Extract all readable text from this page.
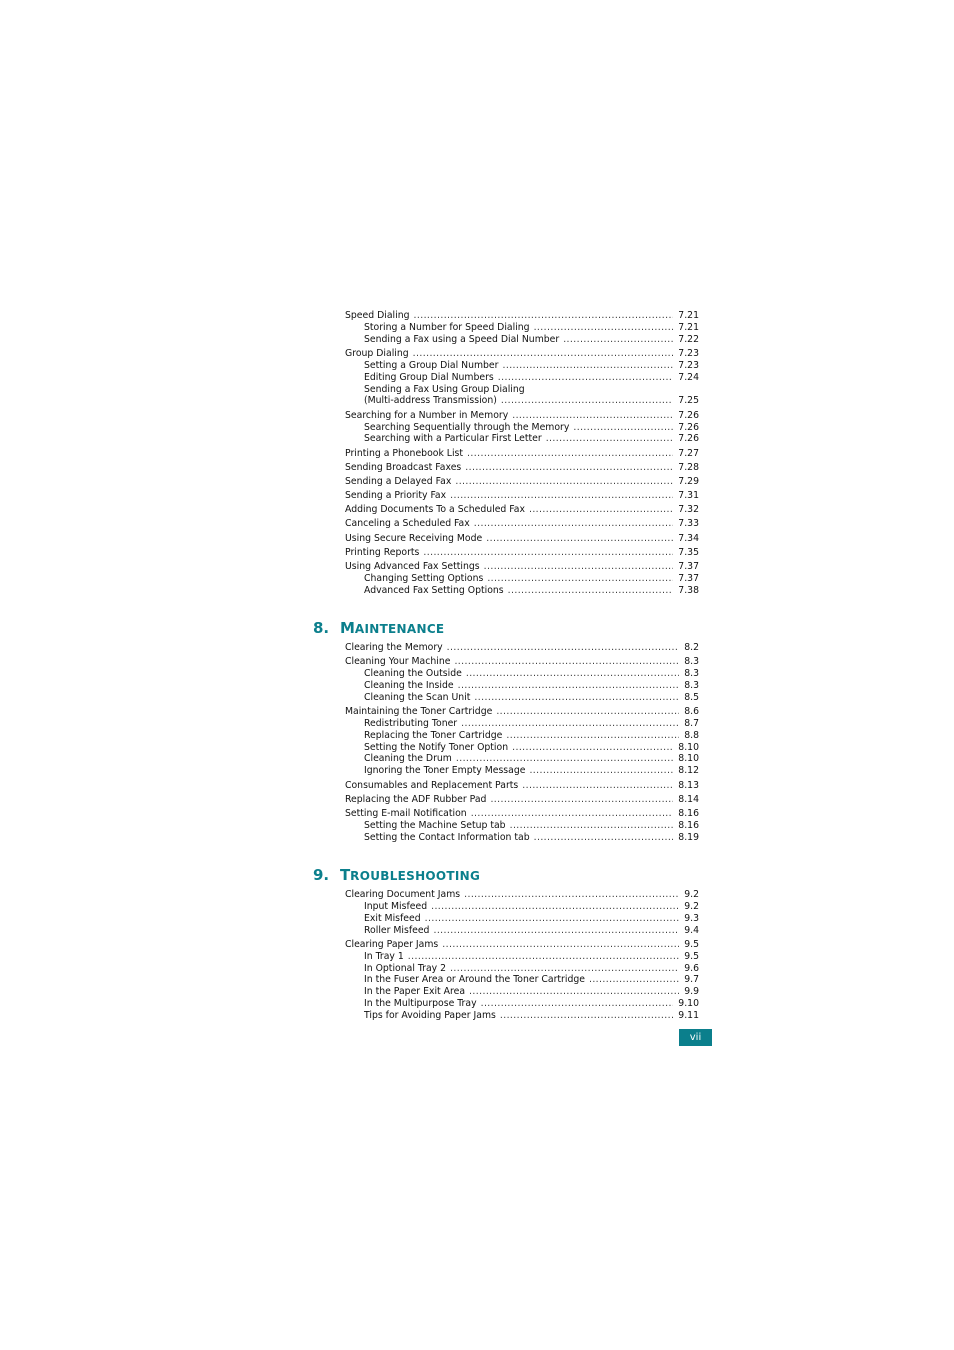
Speed Dialing .....	7.21
Storing a Number for Speed Dialing .....	7.21
Sending a Fax using a Speed Dial Number .....	7.22
Group Dialing .....	7.23
Setting a Group Dial Number .....	7.23
Editing Group Dial Numbers .....	7.24
Sending a Fax Using Group Dialing
(Multi-address Transmission) .....	7.25
Searching for a Number in Memory .....	7.26
Searching Sequentially through the Memory .....	7.26
Searching with a Particular First Letter .....	7.26
Printing a Phonebook List .....	7.27
Sending Broadcast Faxes .....	7.28
Sending a Delayed Fax .....	7.29
Sending a Priority Fax .....	7.31
Adding Documents To a Scheduled Fax .....	7.32
Canceling a Scheduled Fax .....	7.33
Using Secure Receiving Mode .....	7.34
Printing Reports .....	7.35
Using Advanced Fax Settings .....	7.37
Changing Setting Options .....	7.37
Advanced Fax Setting Options .....	7.38
8.  MAINTENANCE
Clearing the Memory .....	8.2
Cleaning Your Machine .....	8.3
Cleaning the Outside .....	8.3
Cleaning the Inside .....	8.3
Cleaning the Scan Unit .....	8.5
Maintaining the Toner Cartridge .....	8.6
Redistributing Toner .....	8.7
Replacing the Toner Cartridge .....	8.8
Setting the Notify Toner Option .....	8.10
Cleaning the Drum .....	8.10
Ignoring the Toner Empty Message .....	8.12
Consumables and Replacement Parts .....	8.13
Replacing the ADF Rubber Pad .....	8.14
Setting E-mail Notification .....	8.16
Setting the Machine Setup tab .....	8.16
Setting the Contact Information tab .....	8.19
9.  TROUBLESHOOTING
Clearing Document Jams .....	9.2
Input Misfeed .....	9.2
Exit Misfeed .....	9.3
Roller Misfeed .....	9.4
Clearing Paper Jams .....	9.5
In Tray 1 .....	9.5
In Optional Tray 2 .....	9.6
In the Fuser Area or Around the Toner Cartridge .....	9.7
In the Paper Exit Area .....	9.9
In the Multipurpose Tray .....	9.10
Tips for Avoiding Paper Jams .....	9.11
vii
